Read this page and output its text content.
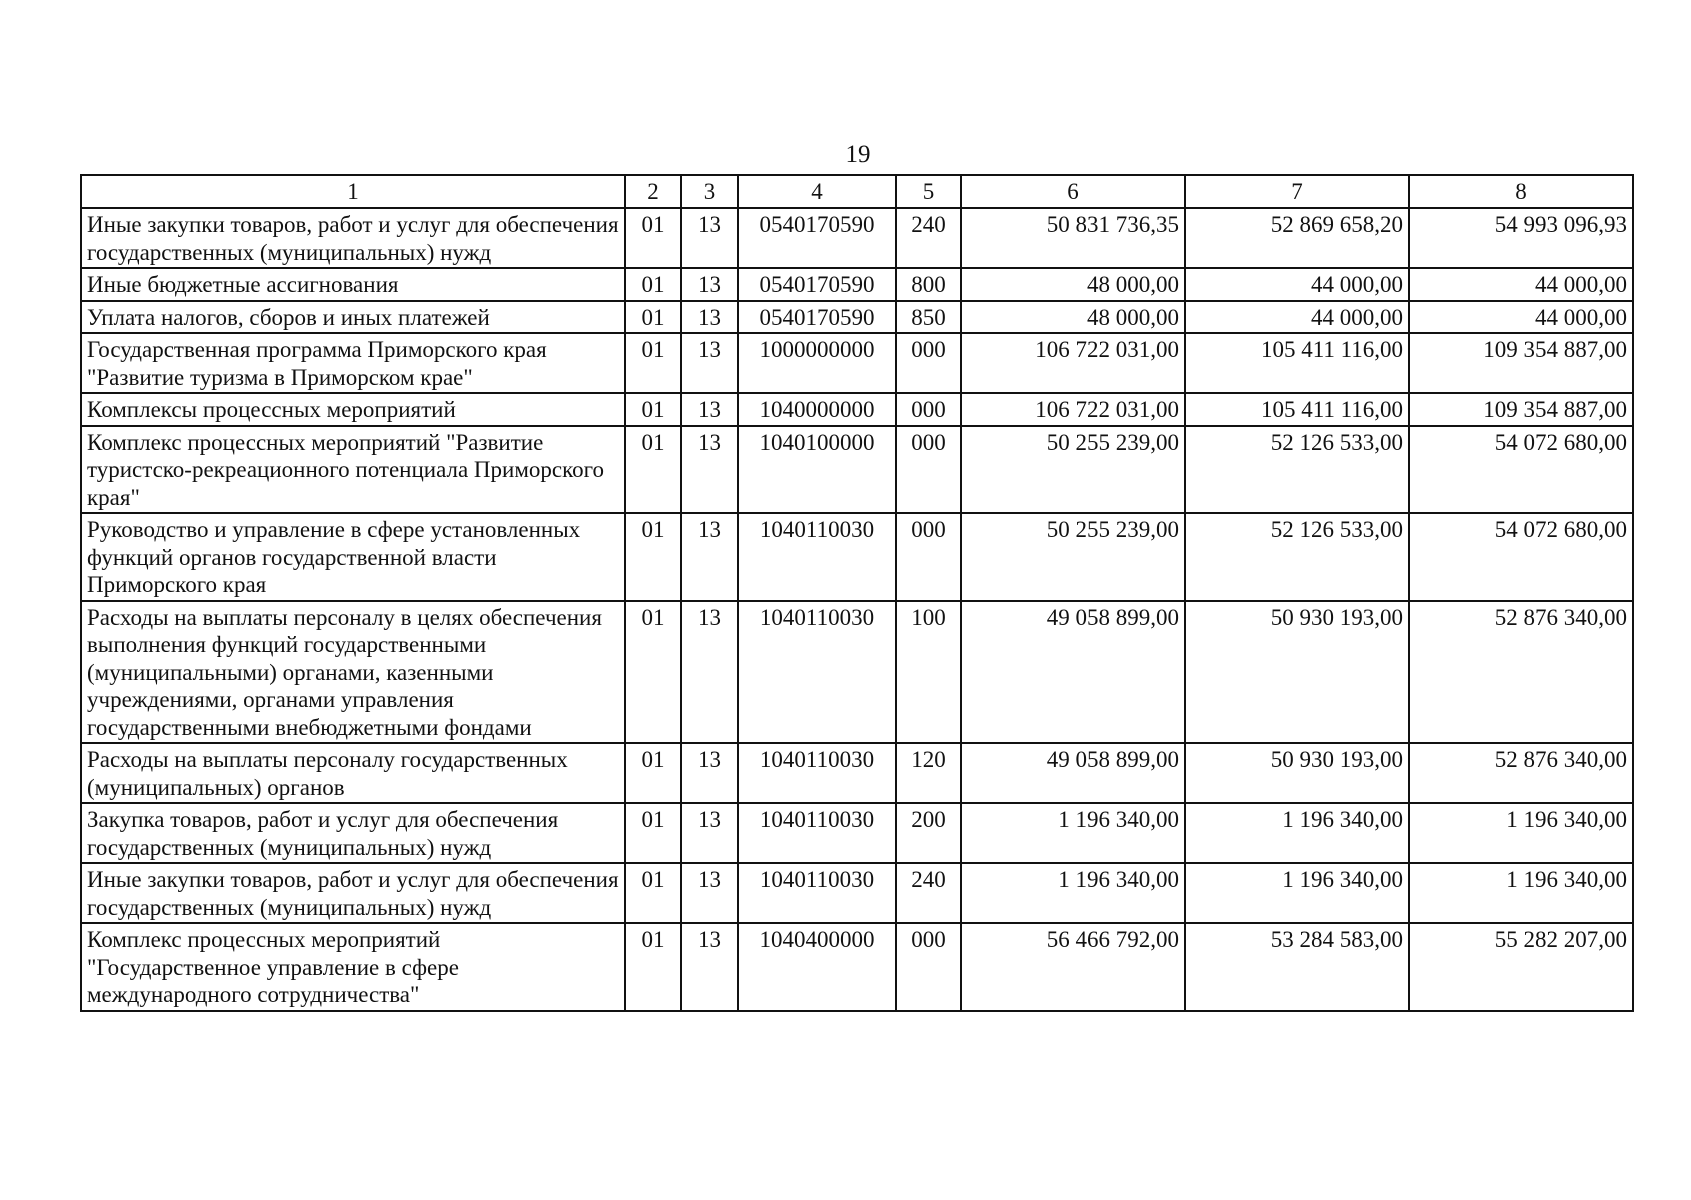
19
1	2	3	4	5	6	7	8
Иные закупки товаров, работ и услуг для обеспечения государственных (муниципальных) нужд	01	13	0540170590	240	50 831 736,35	52 869 658,20	54 993 096,93
Иные бюджетные ассигнования	01	13	0540170590	800	48 000,00	44 000,00	44 000,00
Уплата налогов, сборов и иных платежей	01	13	0540170590	850	48 000,00	44 000,00	44 000,00
Государственная программа Приморского края "Развитие туризма в Приморском крае"	01	13	1000000000	000	106 722 031,00	105 411 116,00	109 354 887,00
Комплексы процессных мероприятий	01	13	1040000000	000	106 722 031,00	105 411 116,00	109 354 887,00
Комплекс процессных мероприятий "Развитие туристско-рекреационного потенциала Приморского края"	01	13	1040100000	000	50 255 239,00	52 126 533,00	54 072 680,00
Руководство и управление в сфере установленных функций органов государственной власти Приморского края	01	13	1040110030	000	50 255 239,00	52 126 533,00	54 072 680,00
Расходы на выплаты персоналу в целях обеспечения выполнения функций государственными (муниципальными) органами, казенными учреждениями, органами управления государственными внебюджетными фондами	01	13	1040110030	100	49 058 899,00	50 930 193,00	52 876 340,00
Расходы на выплаты персоналу государственных (муниципальных) органов	01	13	1040110030	120	49 058 899,00	50 930 193,00	52 876 340,00
Закупка товаров, работ и услуг для обеспечения государственных (муниципальных) нужд	01	13	1040110030	200	1 196 340,00	1 196 340,00	1 196 340,00
Иные закупки товаров, работ и услуг для обеспечения государственных (муниципальных) нужд	01	13	1040110030	240	1 196 340,00	1 196 340,00	1 196 340,00
Комплекс процессных мероприятий "Государственное управление в сфере международного сотрудничества"	01	13	1040400000	000	56 466 792,00	53 284 583,00	55 282 207,00
